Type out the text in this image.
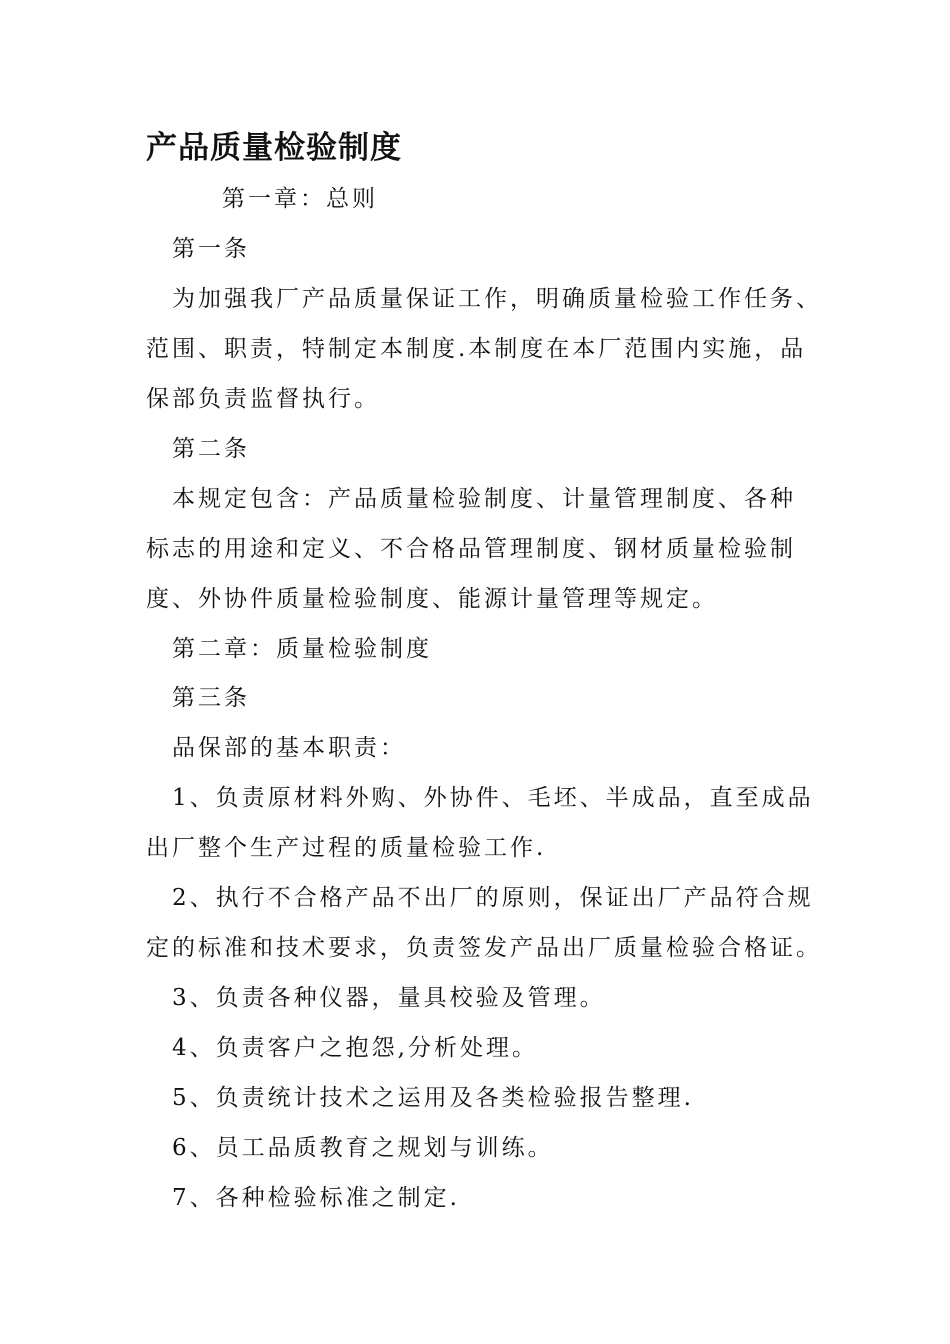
产品质量检验制度
第一章：总则
第一条
为加强我厂产品质量保证工作，明确质量检验工作任务、
范围、职责，特制定本制度.本制度在本厂范围内实施，品
保部负责监督执行。
第二条
本规定包含：产品质量检验制度、计量管理制度、各种
标志的用途和定义、不合格品管理制度、钢材质量检验制
度、外协件质量检验制度、能源计量管理等规定。
第二章：质量检验制度
第三条
品保部的基本职责：
1、负责原材料外购、外协件、毛坯、半成品，直至成品
出厂整个生产过程的质量检验工作.
2、执行不合格产品不出厂的原则，保证出厂产品符合规
定的标准和技术要求，负责签发产品出厂质量检验合格证。
3、负责各种仪器，量具校验及管理。
4、负责客户之抱怨,分析处理。
5、负责统计技术之运用及各类检验报告整理.
6、员工品质教育之规划与训练。
7、各种检验标准之制定.
